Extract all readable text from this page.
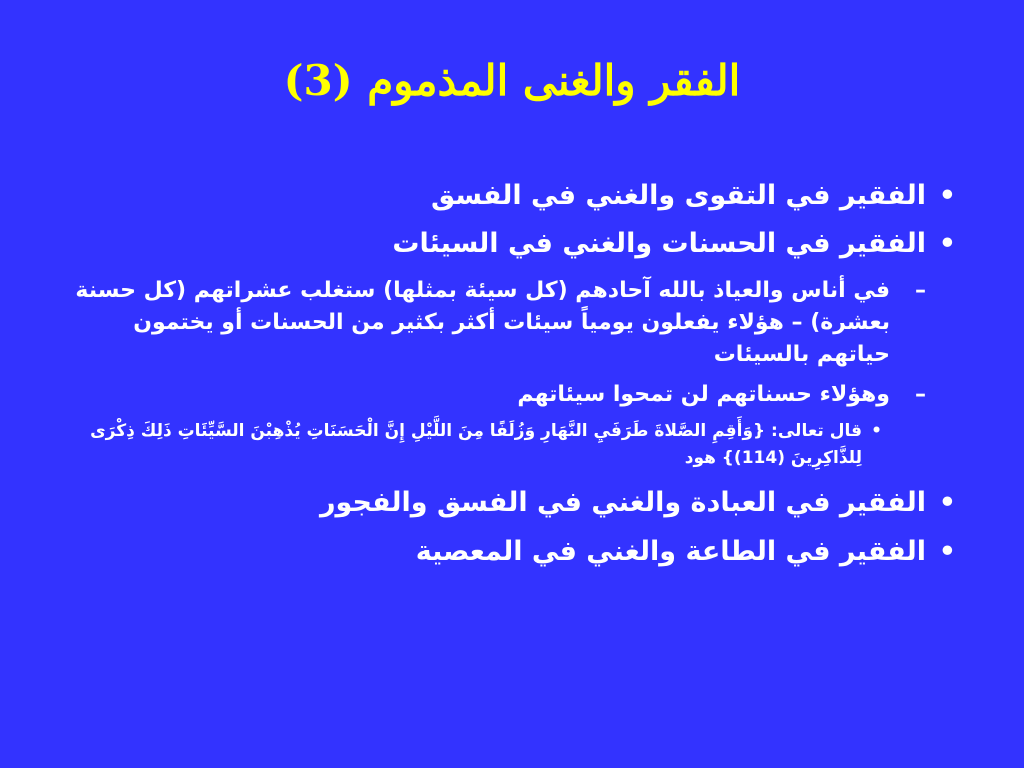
الفقر والغنى المذموم (3)
•
الفقير في التقوى والغني في الفسق
•
الفقير في الحسنات والغني في السيئات
–
في أناس والعياذ بالله آحادهم (كل سيئة بمثلها) ستغلب عشراتهم (كل حسنة بعشرة) – هؤلاء يفعلون يومياً سيئات أكثر بكثير من الحسنات أو يختمون حياتهم بالسيئات
–
وهؤلاء حسناتهم لن تمحوا سيئاتهم
•
قال تعالى: {وَأَقِمِ الصَّلاةَ طَرَفَيِ النَّهَارِ وَزُلَفًا مِنَ اللَّيْلِ إِنَّ الْحَسَنَاتِ يُذْهِبْنَ السَّيِّئَاتِ ذَلِكَ ذِكْرَى لِلذَّاكِرِينَ (114)} هود
•
الفقير في العبادة والغني في الفسق والفجور
•
الفقير في الطاعة والغني في المعصية
